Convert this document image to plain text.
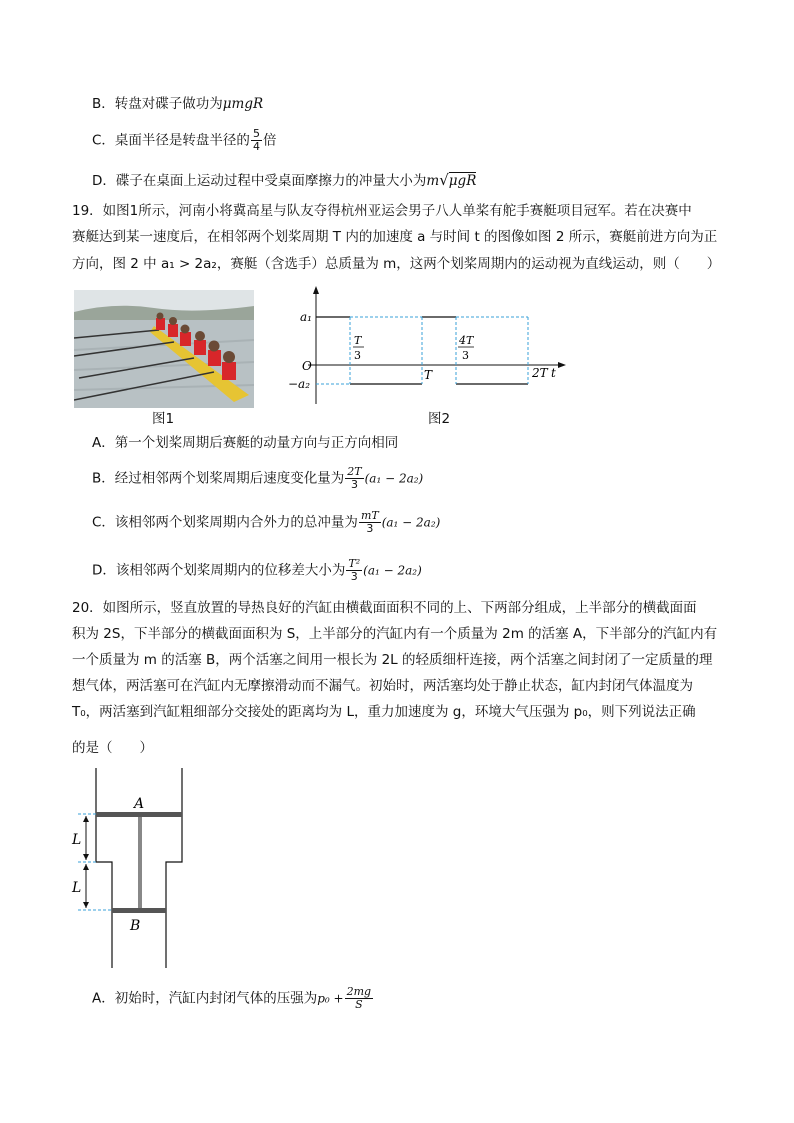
B．转盘对碟子做功为μmgR
C．桌面半径是转盘半径的 $\frac{5}{4}$ 倍
D．碟子在桌面上运动过程中受桌面摩擦力的冲量大小为m√μgR
19．如图1所示，河南小将冀高星与队友夺得杭州亚运会男子八人单桨有舵手赛艇项目冠军。若在决赛中
赛艇达到某一速度后，在相邻两个划桨周期 T 内的加速度 a 与时间 t 的图像如图 2 所示，赛艇前进方向为正
方向，图 2 中 a₁ > 2a₂，赛艇（含选手）总质量为 m，这两个划桨周期内的运动视为直线运动，则（　　）
图1
a₁
−a₂
O
T
3
T
4T
3
2T t
图2
A．第一个划桨周期后赛艇的动量方向与正方向相同
B．经过相邻两个划桨周期后速度变化量为 $\frac{2T}{3} (a_1 - 2a_2)$
C．该相邻两个划桨周期内合外力的总冲量为 $\frac{mT}{3} (a_1 - 2a_2)$
D．该相邻两个划桨周期内的位移差大小为 $\frac{\text{T²}}{3} (a_1 - 2a_2)$
20．如图所示，竖直放置的导热良好的汽缸由横截面面积不同的上、下两部分组成，上半部分的横截面面
积为 2S，下半部分的横截面面积为 S，上半部分的汽缸内有一个质量为 2m 的活塞 A，下半部分的汽缸内有
一个质量为 m 的活塞 B，两个活塞之间用一根长为 2L 的轻质细杆连接，两个活塞之间封闭了一定质量的理
想气体，两活塞可在汽缸内无摩擦滑动而不漏气。初始时，两活塞均处于静止状态，缸内封闭气体温度为
T₀，两活塞到汽缸粗细部分交接处的距离均为 L，重力加速度为 g，环境大气压强为 p₀，则下列说法正确
的是（　　）
A
B
L
L
A．初始时，汽缸内封闭气体的压强为$p_0 + \frac{2mg}{S}$
